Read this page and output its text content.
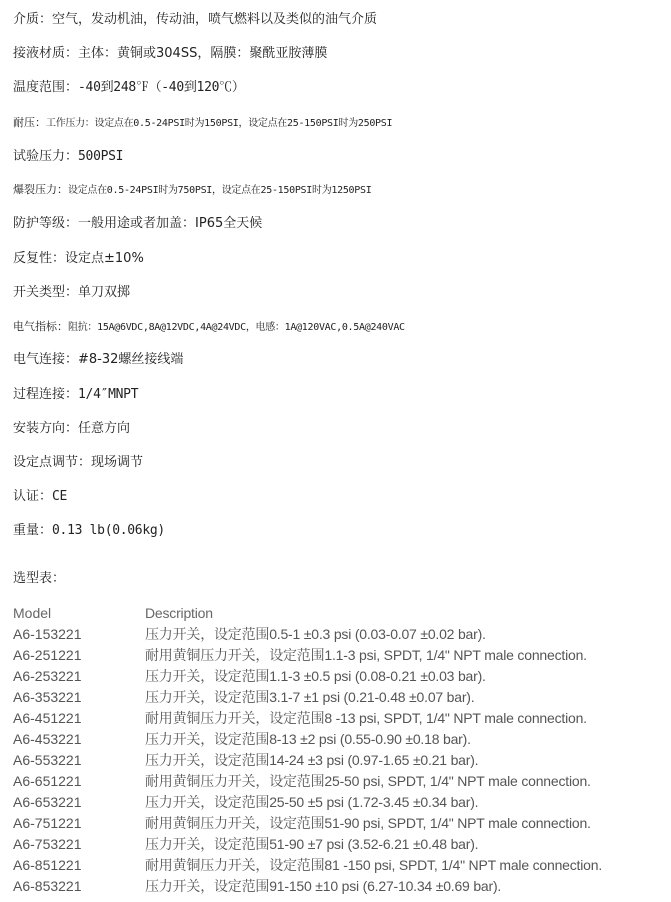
介质：空气，发动机油，传动油，喷气燃料以及类似的油气介质
接液材质：主体：黄铜或304SS，隔膜：聚酰亚胺薄膜
温度范围：-40到248℉（-40到120℃）
耐压：工作压力：设定点在0.5-24PSI时为150PSI，设定点在25-150PSI时为250PSI
试验压力：500PSI
爆裂压力：设定点在0.5-24PSI时为750PSI，设定点在25-150PSI时为1250PSI
防护等级：一般用途或者加盖：IP65全天候
反复性：设定点±10%
开关类型：单刀双掷
电气指标：阻抗：15A@6VDC,8A@12VDC,4A@24VDC，电感：1A@120VAC,0.5A@240VAC
电气连接：#8-32螺丝接线端
过程连接：1/4″MNPT
安装方向：任意方向
设定点调节：现场调节
认证：CE
重量：0.13 lb(0.06kg)
选型表：
Model	Description
A6-153221	压力开关，设定范围0.5-1 ±0.3 psi (0.03-0.07 ±0.02 bar).
A6-251221	耐用黄铜压力开关，设定范围1.1-3 psi, SPDT, 1/4" NPT male connection.
A6-253221	压力开关，设定范围1.1-3 ±0.5 psi (0.08-0.21 ±0.03 bar).
A6-353221	压力开关，设定范围3.1-7 ±1 psi (0.21-0.48 ±0.07 bar).
A6-451221	耐用黄铜压力开关，设定范围8 -13 psi, SPDT, 1/4" NPT male connection.
A6-453221	压力开关，设定范围8-13 ±2 psi (0.55-0.90 ±0.18 bar).
A6-553221	压力开关，设定范围14-24 ±3 psi (0.97-1.65 ±0.21 bar).
A6-651221	耐用黄铜压力开关，设定范围25-50 psi, SPDT, 1/4" NPT male connection.
A6-653221	压力开关，设定范围25-50 ±5 psi (1.72-3.45 ±0.34 bar).
A6-751221	耐用黄铜压力开关，设定范围51-90 psi, SPDT, 1/4" NPT male connection.
A6-753221	压力开关，设定范围51-90 ±7 psi (3.52-6.21 ±0.48 bar).
A6-851221	耐用黄铜压力开关，设定范围81 -150 psi, SPDT, 1/4" NPT male connection.
A6-853221	压力开关，设定范围91-150 ±10 psi (6.27-10.34 ±0.69 bar).
